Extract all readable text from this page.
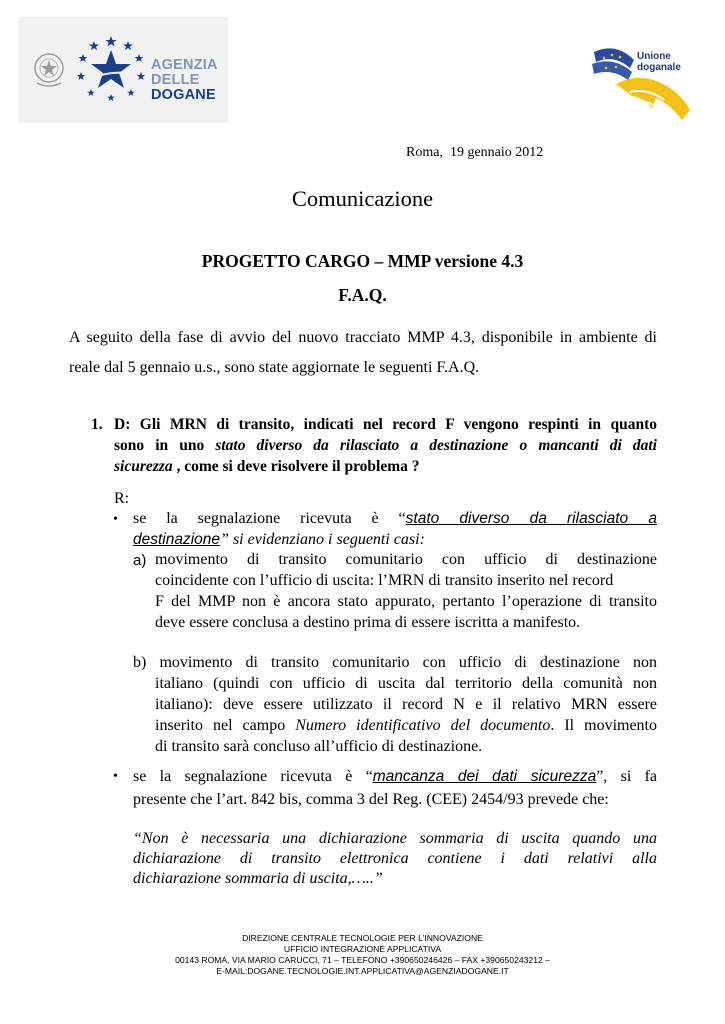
AGENZIA
DELLE
DOGANE
Unione
doganale
Roma,  19 gennaio 2012
Comunicazione
PROGETTO CARGO – MMP versione 4.3
F.A.Q.
A seguito della fase di avvio del nuovo tracciato MMP 4.3, disponibile in ambiente di
reale dal 5 gennaio u.s., sono state aggiornate le seguenti F.A.Q.
1. D: Gli MRN di transito, indicati nel record F vengono respinti in quanto
sono in uno stato diverso da rilasciato a destinazione o mancanti di dati
sicurezza , come si deve risolvere il problema ?
R:
• se la segnalazione ricevuta è “stato diverso da rilasciato a
destinazione” si evidenziano i seguenti casi:
a) movimento di transito comunitario con ufficio di destinazione
coincidente con l’ufficio di uscita: l’MRN di transito inserito nel record
F del MMP non è ancora stato appurato, pertanto l’operazione di transito
deve essere conclusa a destino prima di essere iscritta a manifesto.
b) movimento di transito comunitario con ufficio di destinazione non
italiano (quindi con ufficio di uscita dal territorio della comunità non
italiano): deve essere utilizzato il record N e il relativo MRN essere
inserito nel campo Numero identificativo del documento. Il movimento
di transito sarà concluso all’ufficio di destinazione.
• se la segnalazione ricevuta è “mancanza dei dati sicurezza”, si fa
presente che l’art. 842 bis, comma 3 del Reg. (CEE) 2454/93 prevede che:
“Non è necessaria una dichiarazione sommaria di uscita quando una
dichiarazione di transito elettronica contiene i dati relativi alla
dichiarazione sommaria di uscita,…..”
DIREZIONE CENTRALE TECNOLOGIE PER L’INNOVAZIONE
UFFICIO INTEGRAZIONE APPLICATIVA
00143 ROMA, VIA MARIO CARUCCI, 71 – TELEFONO +390650246426 – FAX +390650243212 –
E-MAIL:DOGANE.TECNOLOGIE.INT.APPLICATIVA@AGENZIADOGANE.IT
